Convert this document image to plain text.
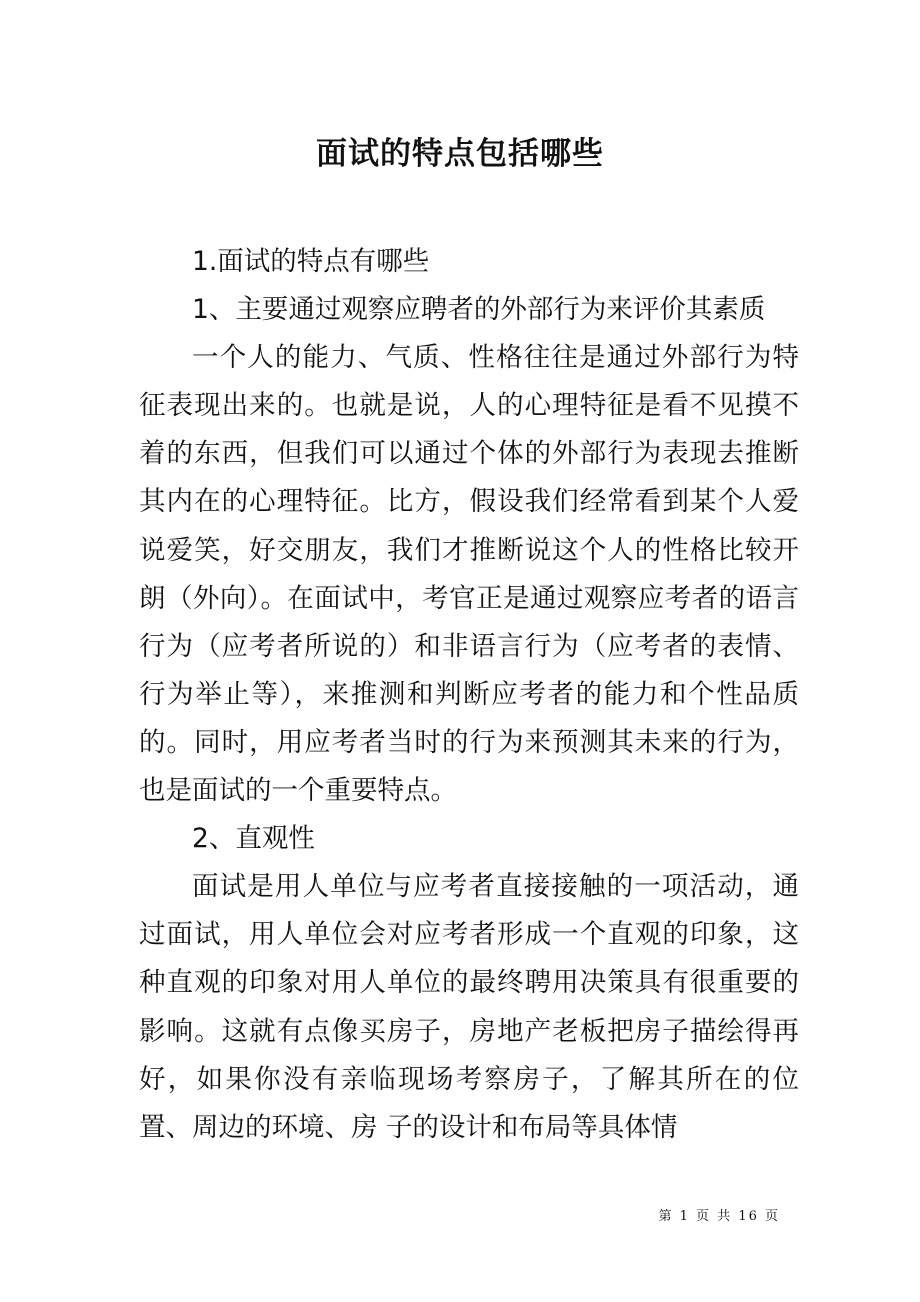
面试的特点包括哪些

1.面试的特点有哪些

1、主要通过观察应聘者的外部行为来评价其素质

一个人的能力、气质、性格往往是通过外部行为特征表现出来的。也就是说，人的心理特征是看不见摸不着的东西，但我们可以通过个体的外部行为表现去推断其内在的心理特征。比方，假设我们经常看到某个人爱说爱笑，好交朋友，我们才推断说这个人的性格比较开朗（外向）。在面试中，考官正是通过观察应考者的语言行为（应考者所说的）和非语言行为（应考者的表情、行为举止等），来推测和判断应考者的能力和个性品质的。同时，用应考者当时的行为来预测其未来的行为，也是面试的一个重要特点。

2、直观性

面试是用人单位与应考者直接接触的一项活动，通过面试，用人单位会对应考者形成一个直观的印象，这种直观的印象对用人单位的最终聘用决策具有很重要的影响。这就有点像买房子，房地产老板把房子描绘得再好，如果你没有亲临现场考察房子，了解其所在的位置、周边的环境、房 子的设计和布局等具体情

第 1 页 共 16 页
